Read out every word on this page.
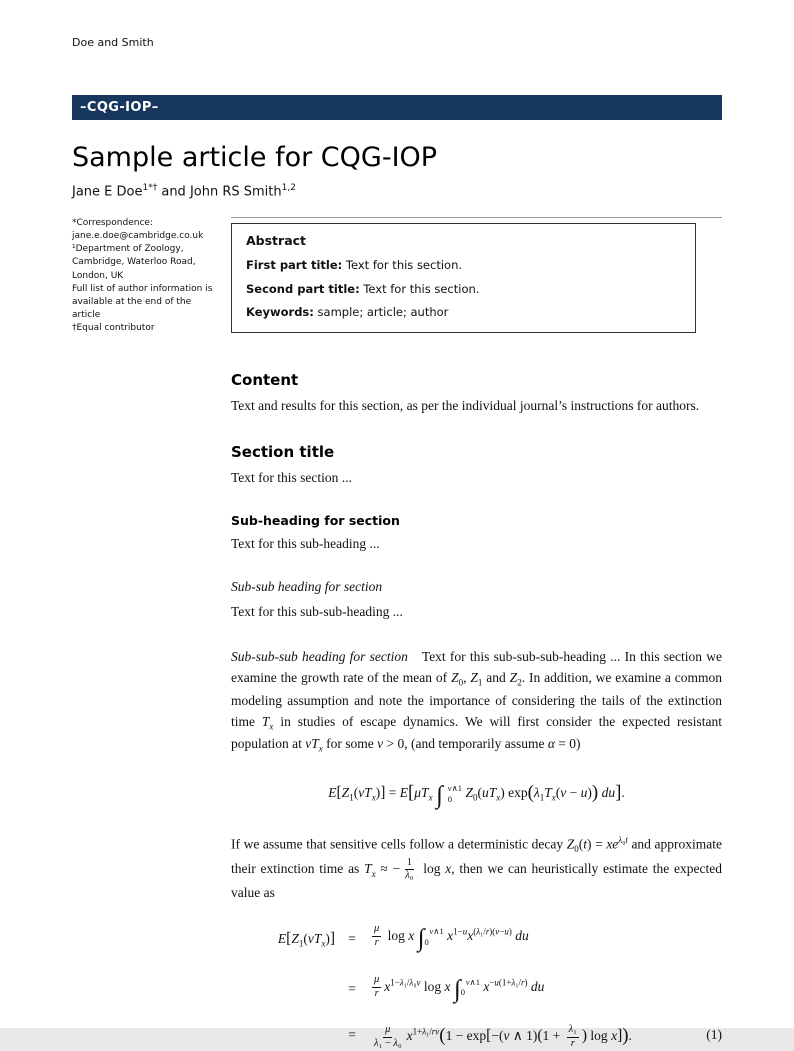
Doe and Smith
–CQG-IOP–
Sample article for CQG-IOP
Jane E Doe$^{1*\dagger}$ and John RS Smith$^{1,2}$
*Correspondence:
jane.e.doe@cambridge.co.uk
¹Department of Zoology,
Cambridge, Waterloo Road,
London, UK
Full list of author information is
available at the end of the article
†Equal contributor
Abstract
First part title: Text for this section.
Second part title: Text for this section.
Keywords: sample; article; author
Content

Text and results for this section, as per the individual journal’s instructions for authors.

Section title

Text for this section ...

Sub-heading for section

Text for this sub-heading ...

Sub-sub heading for section

Text for this sub-sub-heading ...

Sub-sub-sub heading for section Text for this sub-sub-sub-heading ... In this section we examine the growth rate of the mean of $Z_0$, $Z_1$ and $Z_2$. In addition, we examine a common modeling assumption and note the importance of considering the tails of the extinction time $T_x$ in studies of escape dynamics. We will first consider the expected resistant population at $vT_x$ for some v > 0, (and temporarily assume α = 0)

$E[Z_1(vT_x)] = E[\mu T_x$ ∫ v∧1
0 $Z_0(uT_x) \exp(\lambda_1T_x(v - u))$ du].

If we assume that sensitive cells follow a deterministic decay $Z_0(t) = xe^{\lambda_0t}$ and approximate their extinction time as $T_x$ ≈ − $\frac{1}{\text{λ₀}}$ log x, then we can heuristically estimate the expected value as

$E[Z_1(vT_x)]$ =	$\frac{\mu}{r}$ log x ∫ v∧1
0	$x^{1-u}x^{(\lambda_1/r)(v-u)}$ du
=	$\frac{\mu}{r} x^{1-\lambda_1/\lambda_0v}$ log x ∫ v∧1
0	$x^{-u(1+\lambda_1/r)}$ du
=	$\frac{\mu}{\text{λ₁ − λ₀}} x^{1+\lambda_1/rv}(1 - \exp[-(v$ ∧ $1)(1 + \frac{\text{λ₁}}{r}$ ) log x]).	(1)
